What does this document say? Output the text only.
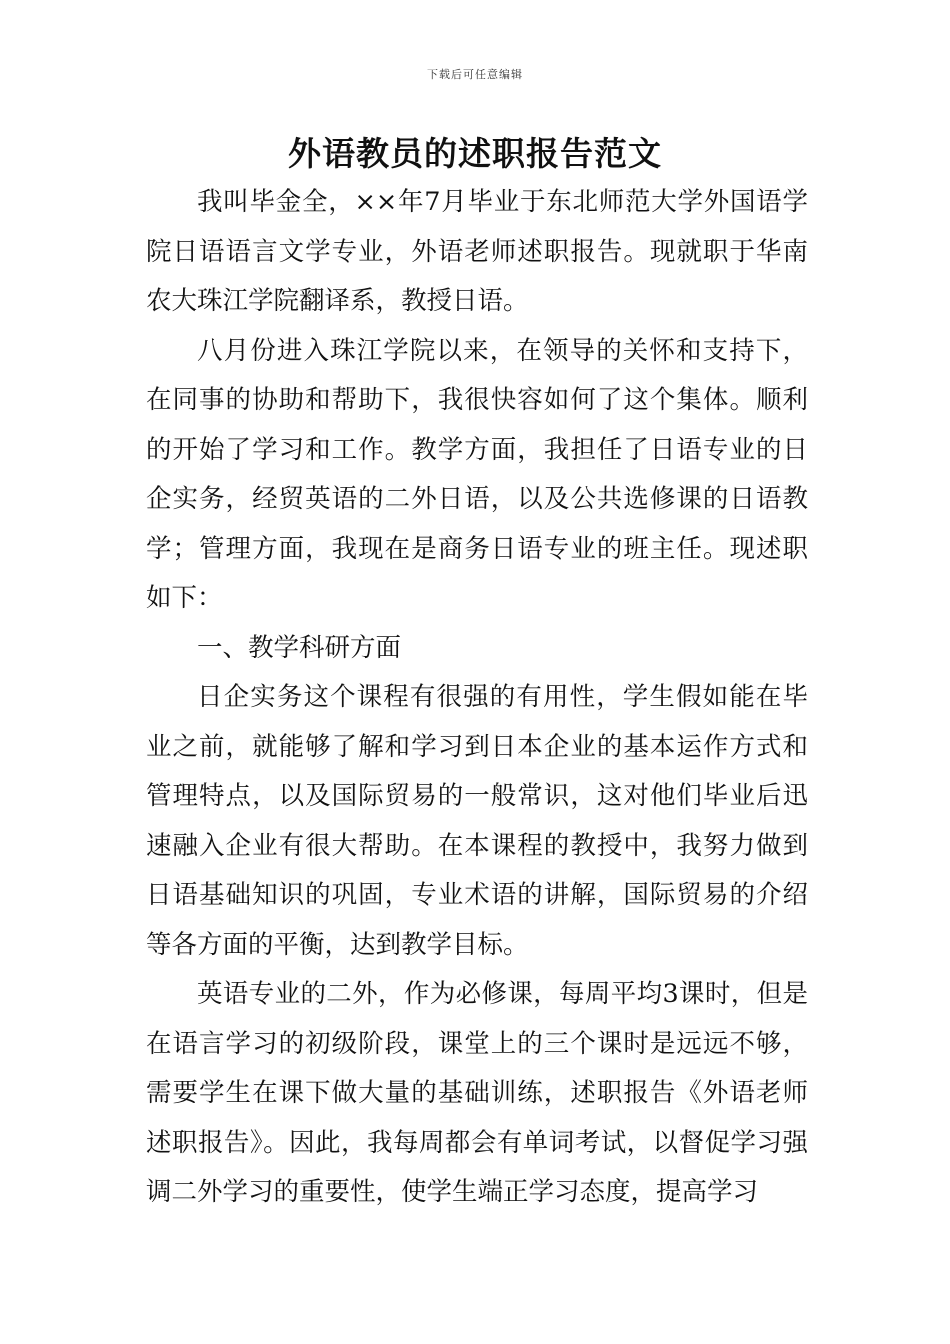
下载后可任意编辑
外语教员的述职报告范文

我叫毕金全，××年7月毕业于东北师范大学外国语学院日语语言文学专业，外语老师述职报告。现就职于华南农大珠江学院翻译系，教授日语。

八月份进入珠江学院以来，在领导的关怀和支持下，在同事的协助和帮助下，我很快容如何了这个集体。顺利的开始了学习和工作。教学方面，我担任了日语专业的日企实务，经贸英语的二外日语，以及公共选修课的日语教学；管理方面，我现在是商务日语专业的班主任。现述职如下：

一、教学科研方面

日企实务这个课程有很强的有用性，学生假如能在毕业之前，就能够了解和学习到日本企业的基本运作方式和管理特点，以及国际贸易的一般常识，这对他们毕业后迅速融入企业有很大帮助。在本课程的教授中，我努力做到日语基础知识的巩固，专业术语的讲解，国际贸易的介绍等各方面的平衡，达到教学目标。

英语专业的二外，作为必修课，每周平均3课时，但是在语言学习的初级阶段，课堂上的三个课时是远远不够，需要学生在课下做大量的基础训练，述职报告《外语老师述职报告》。因此，我每周都会有单词考试，以督促学习强调二外学习的重要性，使学生端正学习态度，提高学习
